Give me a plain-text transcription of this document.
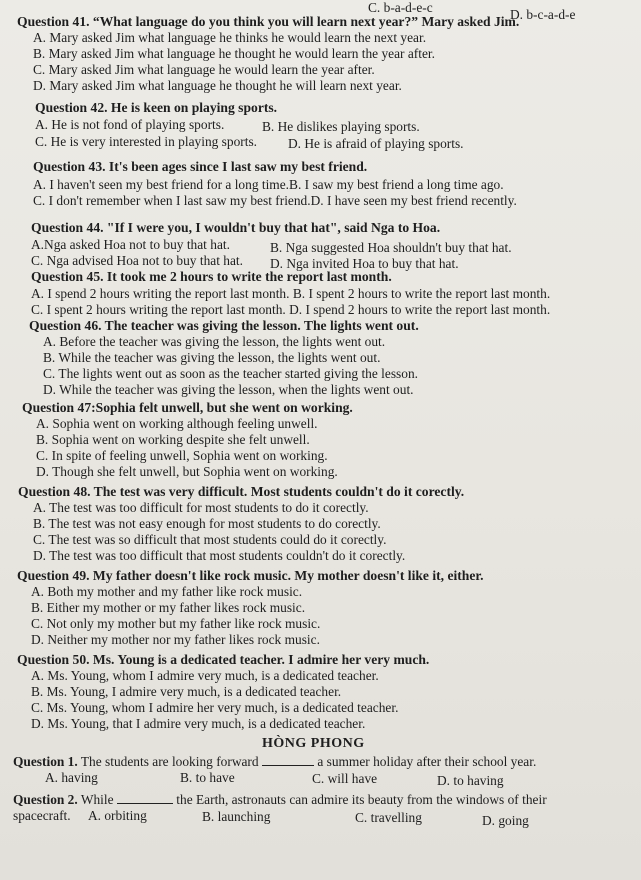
C. b-a-d-e-c	D. b-c-a-d-e
Question 41. “What language do you think you will learn next year?” Mary asked Jim.
A. Mary asked Jim what language he thinks he would learn the next year.
B. Mary asked Jim what language he thought he would learn the year after.
C. Mary asked Jim what language he would learn the year after.
D. Mary asked Jim what language he thought he will learn next year.
Question 42. He is keen on playing sports.
A. He is not fond of playing sports.	B. He dislikes playing sports.
C. He is very interested in playing sports. D. He is afraid of playing sports.
Question 43. It's been ages since I last saw my best friend.
A. I haven't seen my best friend for a long time.B. I saw my best friend a long time ago.
C. I don't remember when I last saw my best friend.D. I have seen my best friend recently.
Question 44. "If I were you, I wouldn't buy that hat", said Nga to Hoa.
A.Nga asked Hoa not to buy that hat.	B. Nga suggested Hoa shouldn't buy that hat.
C. Nga advised Hoa not to buy that hat. D. Nga invited Hoa to buy that hat.
Question 45. It took me 2 hours to write the report last month.
A. I spend 2 hours writing the report last month. B. I spent 2 hours to write the report last month.
C. I spent 2 hours writing the report last month. D. I spend 2 hours to write the report last month.
Question 46. The teacher was giving the lesson. The lights went out.
A. Before the teacher was giving the lesson, the lights went out.
B. While the teacher was giving the lesson, the lights went out.
C. The lights went out as soon as the teacher started giving the lesson.
D. While the teacher was giving the lesson, when the lights went out.
Question 47:Sophia felt unwell, but she went on working.
A. Sophia went on working although feeling unwell.
B. Sophia went on working despite she felt unwell.
C. In spite of feeling unwell, Sophia went on working.
D. Though she felt unwell, but Sophia went on working.
Question 48. The test was very difficult. Most students couldn't do it corectly.
A. The test was too difficult for most students to do it corectly.
B. The test was not easy enough for most students to do corectly.
C. The test was so difficult that most students could do it corectly.
D. The test was too difficult that most students couldn't do it corectly.
Question 49. My father doesn't like rock music. My mother doesn't like it, either.
A. Both my mother and my father like rock music.
B. Either my mother or my father likes rock music.
C. Not only my mother but my father like rock music.
D. Neither my mother nor my father likes rock music.
Question 50. Ms. Young is a dedicated teacher. I admire her very much.
A. Ms. Young, whom I admire very much, is a dedicated teacher.
B. Ms. Young, I admire very much, is a dedicated teacher.
C. Ms. Young, whom I admire her very much, is a dedicated teacher.
D. Ms. Young, that I admire very much, is a dedicated teacher.
HÒNG PHONG
Question 1. The students are looking forward	a summer holiday after their school year.
A. having	B. to have	C. will have	D. to having
Question 2. While	the Earth, astronauts can admire its beauty from the windows of their
spacecraft. A. orbiting	B. launching	C. travelling	D. going
